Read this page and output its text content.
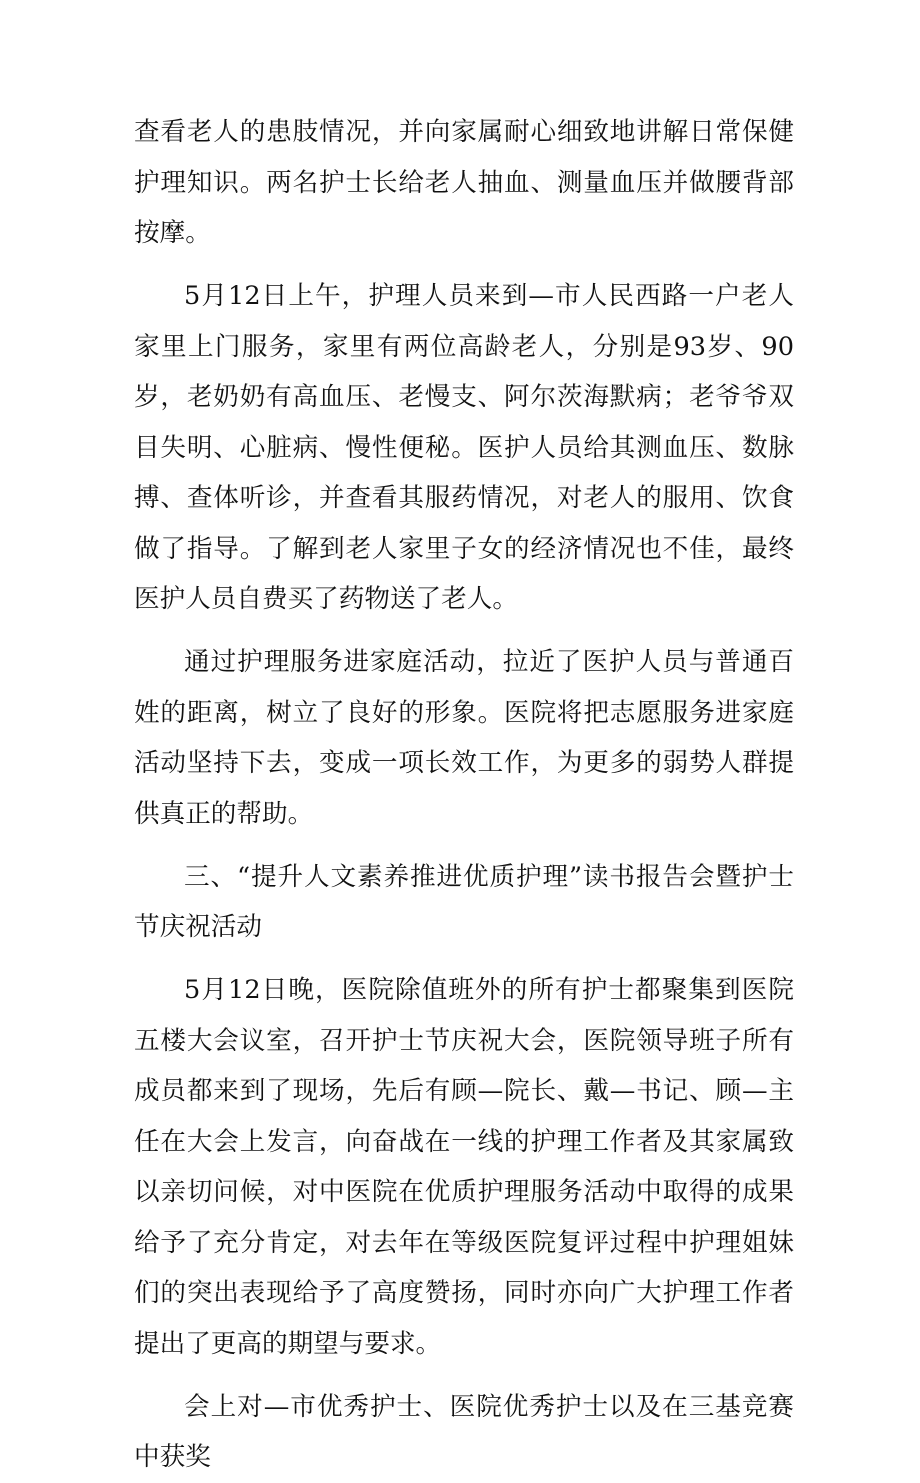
查看老人的患肢情况，并向家属耐心细致地讲解日常保健护理知识。两名护士长给老人抽血、测量血压并做腰背部按摩。

5月12日上午，护理人员来到—市人民西路一户老人家里上门服务，家里有两位高龄老人，分别是93岁、90岁，老奶奶有高血压、老慢支、阿尔茨海默病；老爷爷双目失明、心脏病、慢性便秘。医护人员给其测血压、数脉搏、查体听诊，并查看其服药情况，对老人的服用、饮食做了指导。了解到老人家里子女的经济情况也不佳，最终医护人员自费买了药物送了老人。

通过护理服务进家庭活动，拉近了医护人员与普通百姓的距离，树立了良好的形象。医院将把志愿服务进家庭活动坚持下去，变成一项长效工作，为更多的弱势人群提供真正的帮助。

三、“提升人文素养推进优质护理”读书报告会暨护士节庆祝活动

5月12日晚，医院除值班外的所有护士都聚集到医院五楼大会议室，召开护士节庆祝大会，医院领导班子所有成员都来到了现场，先后有顾—院长、戴—书记、顾—主任在大会上发言，向奋战在一线的护理工作者及其家属致以亲切问候，对中医院在优质护理服务活动中取得的成果给予了充分肯定，对去年在等级医院复评过程中护理姐妹们的突出表现给予了高度赞扬，同时亦向广大护理工作者提出了更高的期望与要求。

会上对—市优秀护士、医院优秀护士以及在三基竞赛中获奖
